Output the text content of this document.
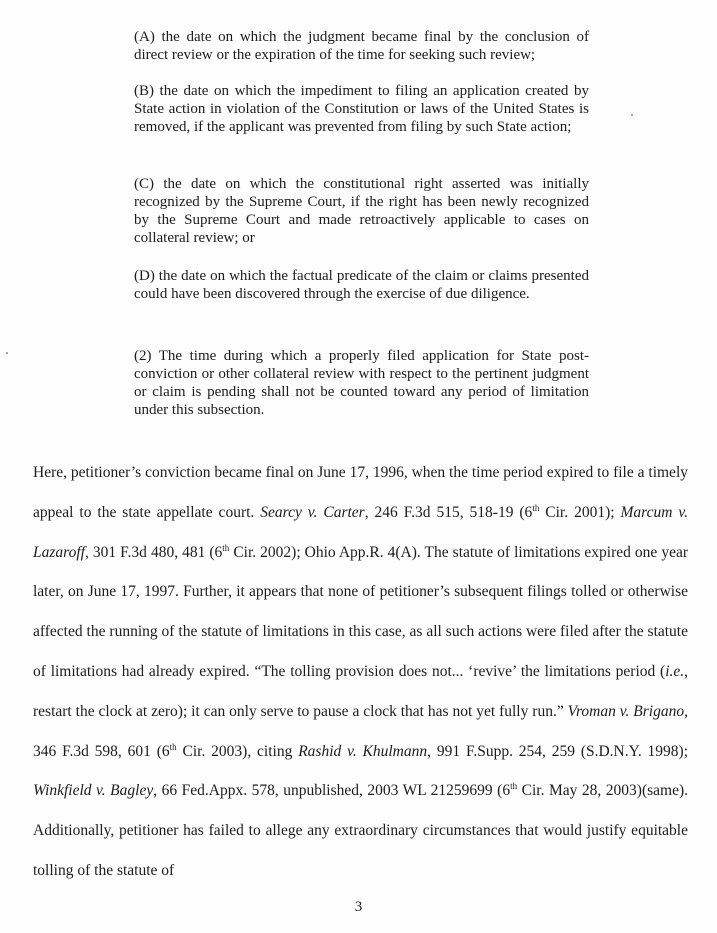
(A) the date on which the judgment became final by the conclusion of direct review or the expiration of the time for seeking such review;
(B) the date on which the impediment to filing an application created by State action in violation of the Constitution or laws of the United States is removed, if the applicant was prevented from filing by such State action;
(C) the date on which the constitutional right asserted was initially recognized by the Supreme Court, if the right has been newly recognized by the Supreme Court and made retroactively applicable to cases on collateral review; or
(D) the date on which the factual predicate of the claim or claims presented could have been discovered through the exercise of due diligence.
(2) The time during which a properly filed application for State post-conviction or other collateral review with respect to the pertinent judgment or claim is pending shall not be counted toward any period of limitation under this subsection.
Here, petitioner’s conviction became final on June 17, 1996, when the time period expired to file a timely appeal to the state appellate court. Searcy v. Carter, 246 F.3d 515, 518-19 (6th Cir. 2001); Marcum v. Lazaroff, 301 F.3d 480, 481 (6th Cir. 2002); Ohio App.R. 4(A). The statute of limitations expired one year later, on June 17, 1997. Further, it appears that none of petitioner’s subsequent filings tolled or otherwise affected the running of the statute of limitations in this case, as all such actions were filed after the statute of limitations had already expired. “The tolling provision does not... ‘revive’ the limitations period (i.e., restart the clock at zero); it can only serve to pause a clock that has not yet fully run.” Vroman v. Brigano, 346 F.3d 598, 601 (6th Cir. 2003), citing Rashid v. Khulmann, 991 F.Supp. 254, 259 (S.D.N.Y. 1998); Winkfield v. Bagley, 66 Fed.Appx. 578, unpublished, 2003 WL 21259699 (6th Cir. May 28, 2003)(same). Additionally, petitioner has failed to allege any extraordinary circumstances that would justify equitable tolling of the statute of
3
